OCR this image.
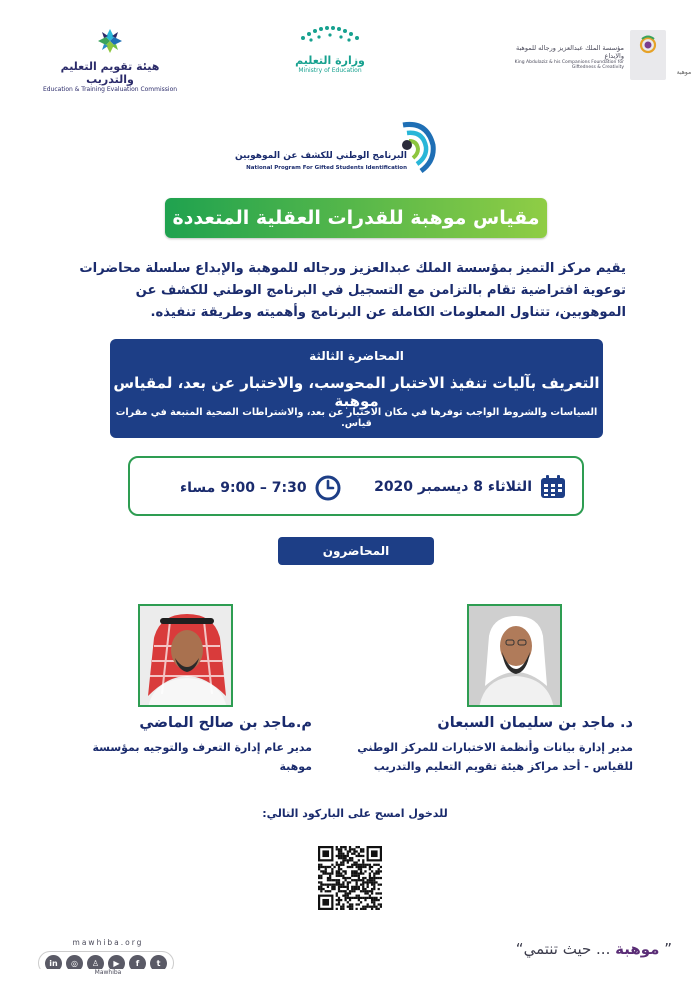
هيئة تقويم التعليم والتدريب
Education & Training Evaluation Commission
وزارة التعليم
Ministry of Education
مؤسسة الملك عبدالعزيز ورجاله للموهبة والإبداع
King Abdulaziz & his Companions Foundation for Giftedness & Creativity
موهبة
البرنامج الوطني للكشف عن الموهوبين
National Program For Gifted Students Identification
مقياس موهبة للقدرات العقلية المتعددة

يقيم مركز التميز بمؤسسة الملك عبدالعزيز ورجاله للموهبة والإبداع سلسلة محاضرات توعوية افتراضية تقام بالتزامن مع التسجيل في البرنامج الوطني للكشف عن الموهوبين، تتناول المعلومات الكاملة عن البرنامج وأهميته وطريقة تنفيذه.

المحاضرة الثالثة
التعريف بآليات تنفيذ الاختبار المحوسب، والاختبار عن بعد، لمقياس موهبة
السياسات والشروط الواجب توفرها في مكان الاختبار عن بعد، والاشتراطات الصحية المتبعة في مقرات قياس.
الثلاثاء 8 ديسمبر 2020
7:30 – 9:00 مساء
المحاضرون
د. ماجد بن سليمان السبعان
مدير إدارة بيانات وأنظمة الاختبارات للمركز الوطني
للقياس - أحد مراكز هيئة تقويم التعليم والتدريب
م.ماجد بن صالح الماضي
مدير عام إدارة التعرف والتوجيه بمؤسسة موهبة
للدخول امسح على الباركود التالي:
mawhiba.org
in	◎	♙	▶	f	t
Mawhiba
” موهبة ... حيث تنتمي“
